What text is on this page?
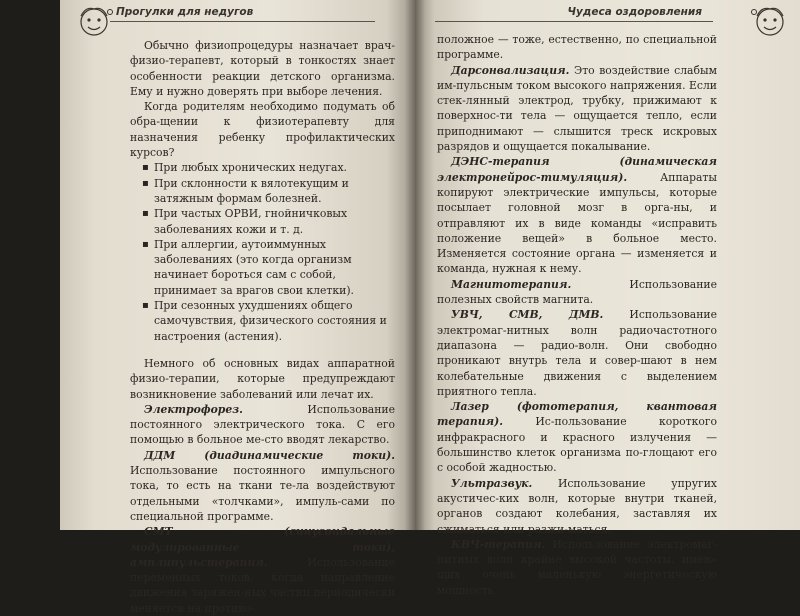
Прогулки для недугов

Обычно физиопроцедуры назначает врач-физио-терапевт, который в тонкостях знает особенности реакции детского организма. Ему и нужно доверять при выборе лечения.

Когда родителям необходимо подумать об обра-щении к физиотерапевту для назначения ребенку профилактических курсов?

▪ При любых хронических недугах.
▪ При склонности к вялотекущим и затяжным формам болезней.
▪ При частых ОРВИ, гнойничковых заболеваниях кожи и т. д.
▪ При аллергии, аутоиммунных заболеваниях (это когда организм начинает бороться сам с собой, принимает за врагов свои клетки).
▪ При сезонных ухудшениях общего самочувствия, физического состояния и настроения (астения).

Немного об основных видах аппаратной физио-терапии, которые предупреждают возникновение заболеваний или лечат их.

Электрофорез.	Использование постоянного электрического тока. С его помощью в больное ме-сто вводят лекарство.

ДДМ (диадинамические токи). Использование постоянного импульсного тока, то есть на ткани те-ла воздействуют отдельными «толчками», импуль-сами по специальной программе.

СМТ (синусоидальные модулированные токи), амплипульстерапия.	Использование переменных токов, когда направление движения заряжен-ных частиц периодически меняется на противо-

Чудеса оздоровления

положное — тоже, естественно, по специальной программе.

Дарсонвализация. Это воздействие слабым им-пульсным током высокого напряжения. Если стек-лянный электрод, трубку, прижимают к поверхнос-ти тела — ощущается тепло, если приподнимают — слышится треск искровых разрядов и ощущается покалывание.

ДЭНС-терапия (динамическая электронейрос-тимуляция).	Аппараты копируют электрические импульсы, которые посылает головной мозг в орга-ны, и отправляют их в виде команды «исправить положение вещей» в больное место. Изменяется состояние органа — изменяется и команда, нужная к нему.

Магнитотерапия.	Использование полезных свойств магнита.

УВЧ, СМВ, ДМВ. Использование электромаг-нитных волн радиочастотного диапазона — радио-волн. Они свободно проникают внутрь тела и совер-шают в нем колебательные движения с выделением приятного тепла.

Лазер (фототерапия, квантовая терапия).	Ис-пользование короткого инфракрасного и красного излучения — большинство клеток организма по-глощают его с особой жадностью.

Ультразвук. Использование упругих акустичес-ких волн, которые внутри тканей, органов создают колебания, заставляя их сжиматься или разжи-маться.

КВЧ-терапия. Использование электромаг-нитных волн крайне высокой частоты, имею-щих очень маленькую энергетическую мощность
